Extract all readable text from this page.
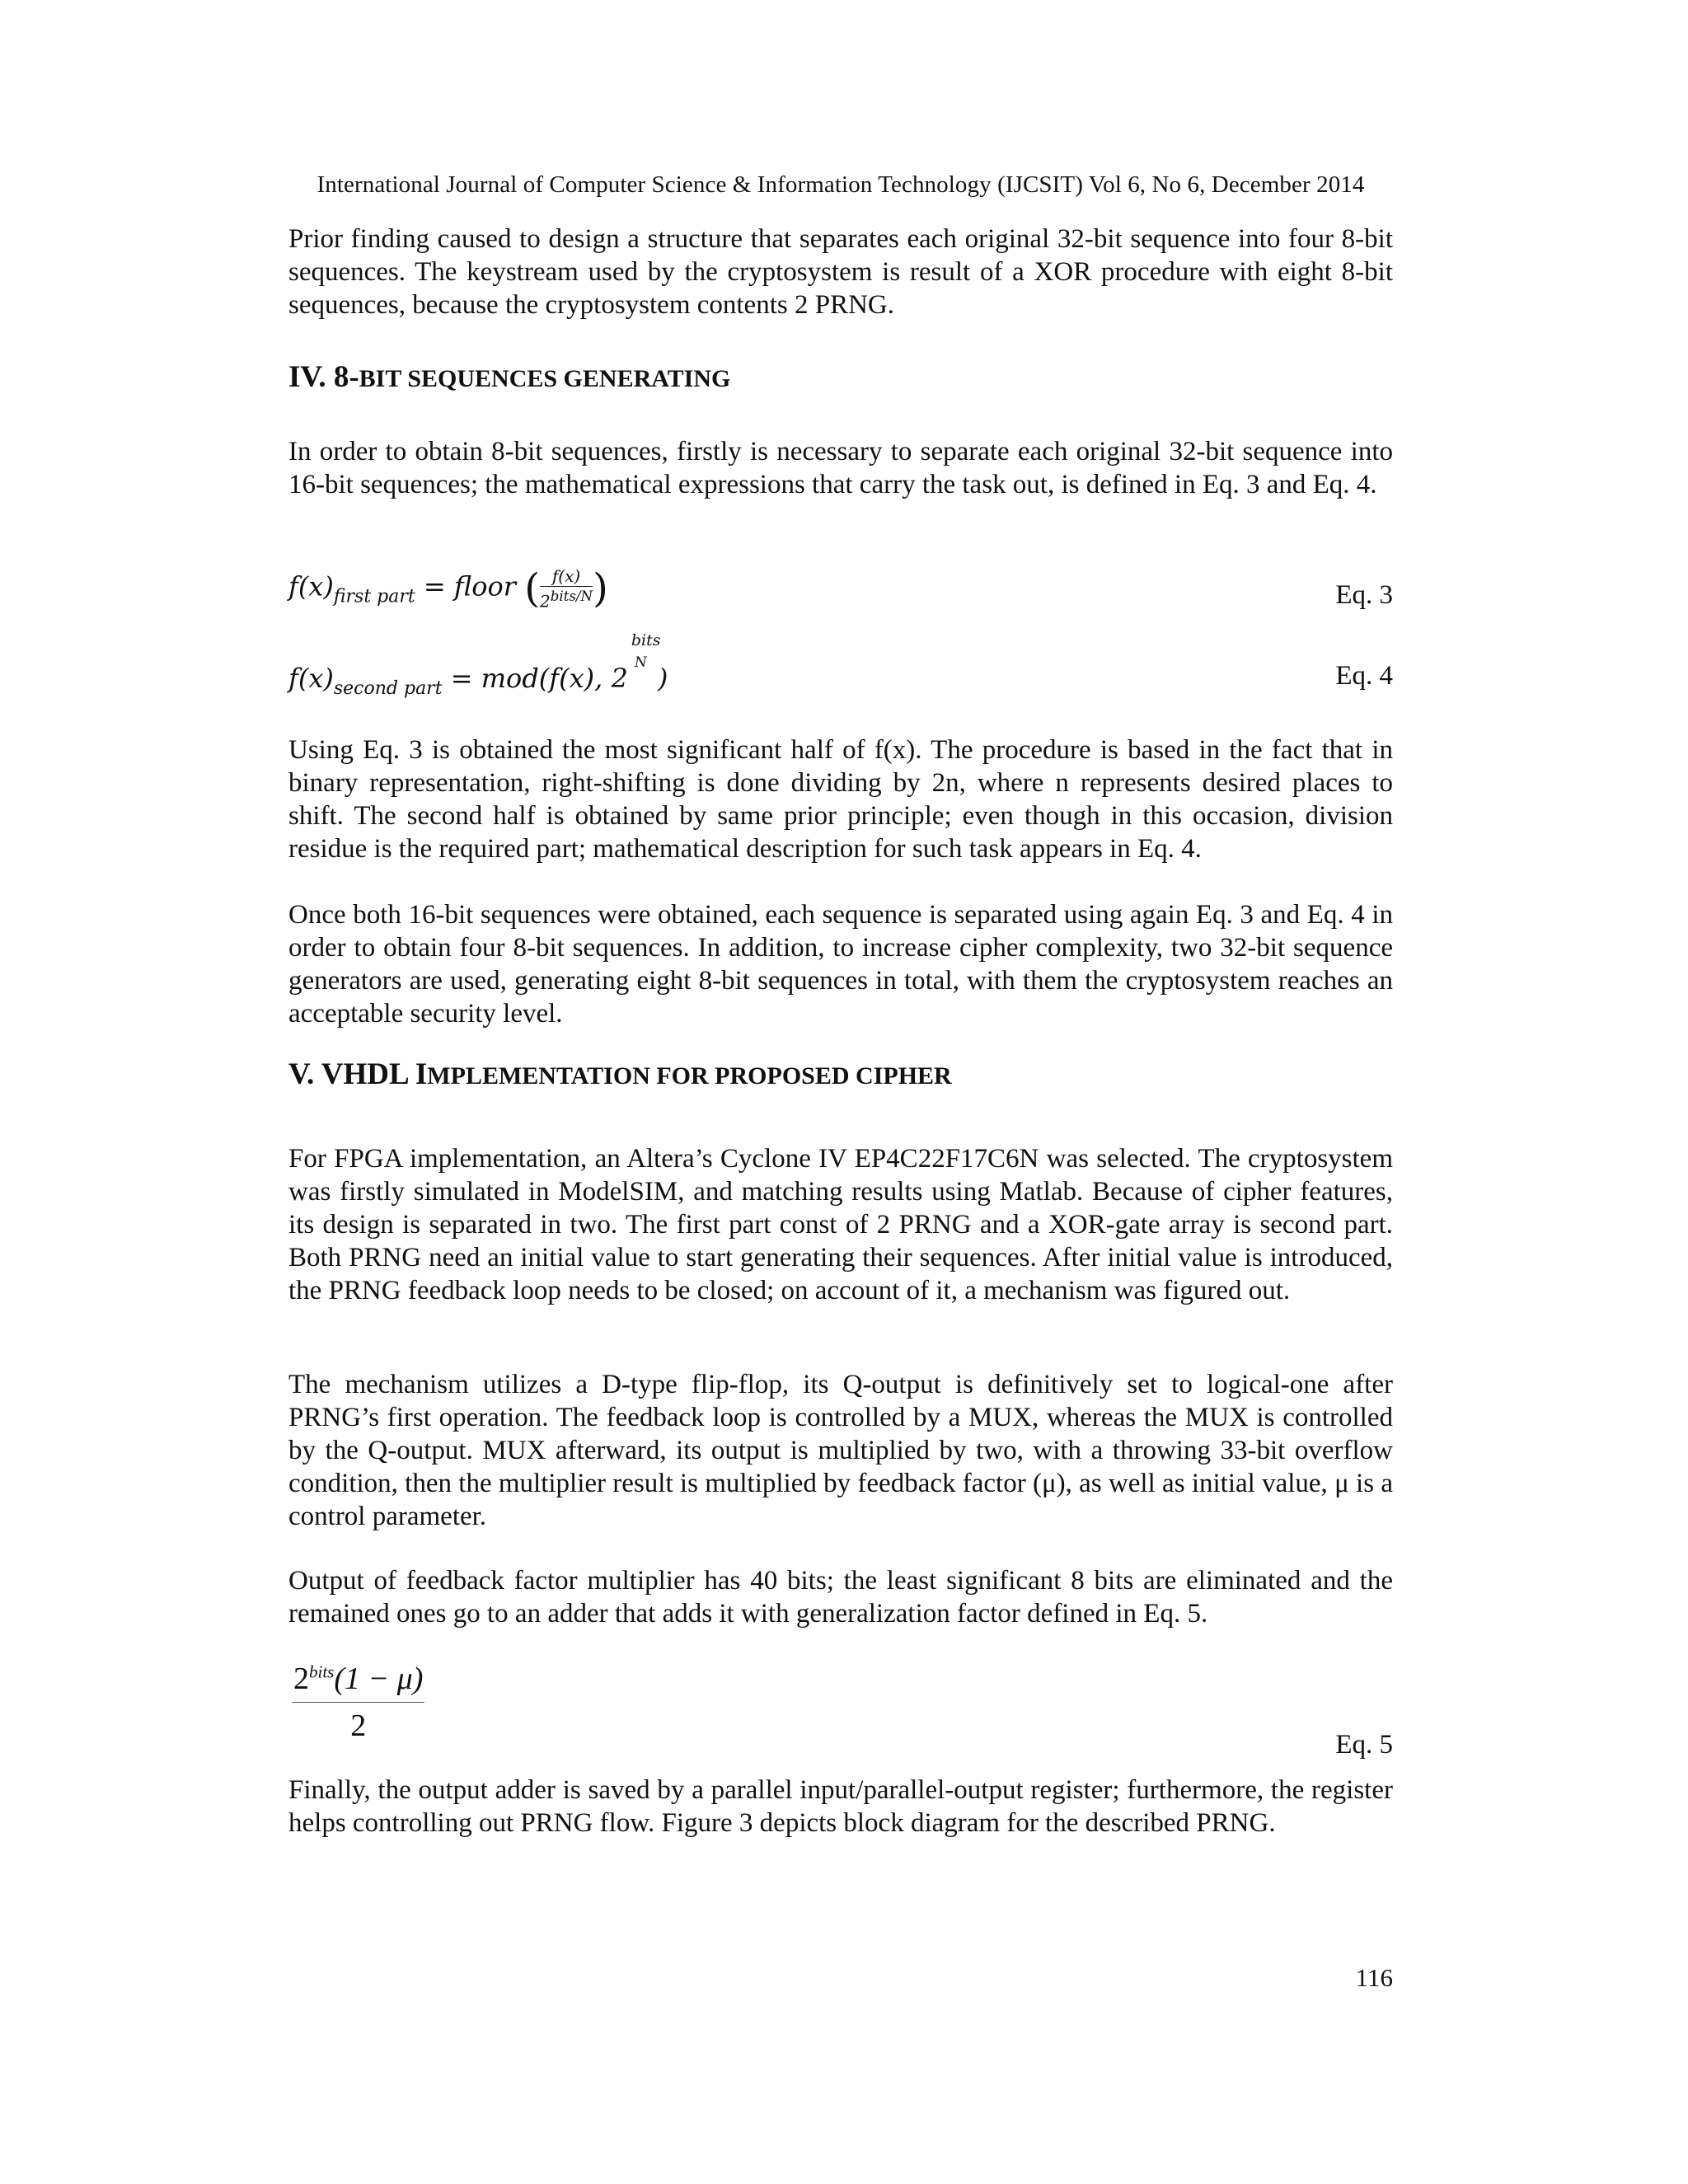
International Journal of Computer Science & Information Technology (IJCSIT) Vol 6, No 6, December 2014

Prior finding caused to design a structure that separates each original 32-bit sequence into four 8-bit sequences. The keystream used by the cryptosystem is result of a XOR procedure with eight 8-bit sequences, because the cryptosystem contents 2 PRNG.

IV. 8-BIT SEQUENCES GENERATING

In order to obtain 8-bit sequences, firstly is necessary to separate each original 32-bit sequence into 16-bit sequences; the mathematical expressions that carry the task out, is defined in Eq. 3 and Eq. 4.

$f(x)_{first part}$ = floor ( $\frac{f(x)}{2^{bits/N}}$ )	Eq. 3
$f(x)_{second part} = mod(f(x)$, 2
bits
N )	Eq. 4

Using Eq. 3 is obtained the most significant half of f(x). The procedure is based in the fact that in binary representation, right-shifting is done dividing by 2n, where n represents desired places to shift. The second half is obtained by same prior principle; even though in this occasion, division residue is the required part; mathematical description for such task appears in Eq. 4.

Once both 16-bit sequences were obtained, each sequence is separated using again Eq. 3 and Eq. 4 in order to obtain four 8-bit sequences. In addition, to increase cipher complexity, two 32-bit sequence generators are used, generating eight 8-bit sequences in total, with them the cryptosystem reaches an acceptable security level.

V. VHDL IMPLEMENTATION FOR PROPOSED CIPHER

For FPGA implementation, an Altera’s Cyclone IV EP4C22F17C6N was selected. The cryptosystem was firstly simulated in ModelSIM, and matching results using Matlab. Because of cipher features, its design is separated in two. The first part const of 2 PRNG and a XOR-gate array is second part. Both PRNG need an initial value to start generating their sequences. After initial value is introduced, the PRNG feedback loop needs to be closed; on account of it, a mechanism was figured out.

The mechanism utilizes a D-type flip-flop, its Q-output is definitively set to logical-one after PRNG’s first operation. The feedback loop is controlled by a MUX, whereas the MUX is controlled by the Q-output. MUX afterward, its output is multiplied by two, with a throwing 33-bit overflow condition, then the multiplier result is multiplied by feedback factor (μ), as well as initial value, μ is a control parameter.

Output of feedback factor multiplier has 40 bits; the least significant 8 bits are eliminated and the remained ones go to an adder that adds it with generalization factor defined in Eq. 5.

$2^{bits}(1 - \mu)$
2
Eq. 5

Finally, the output adder is saved by a parallel input/parallel-output register; furthermore, the register helps controlling out PRNG flow. Figure 3 depicts block diagram for the described PRNG.

116
